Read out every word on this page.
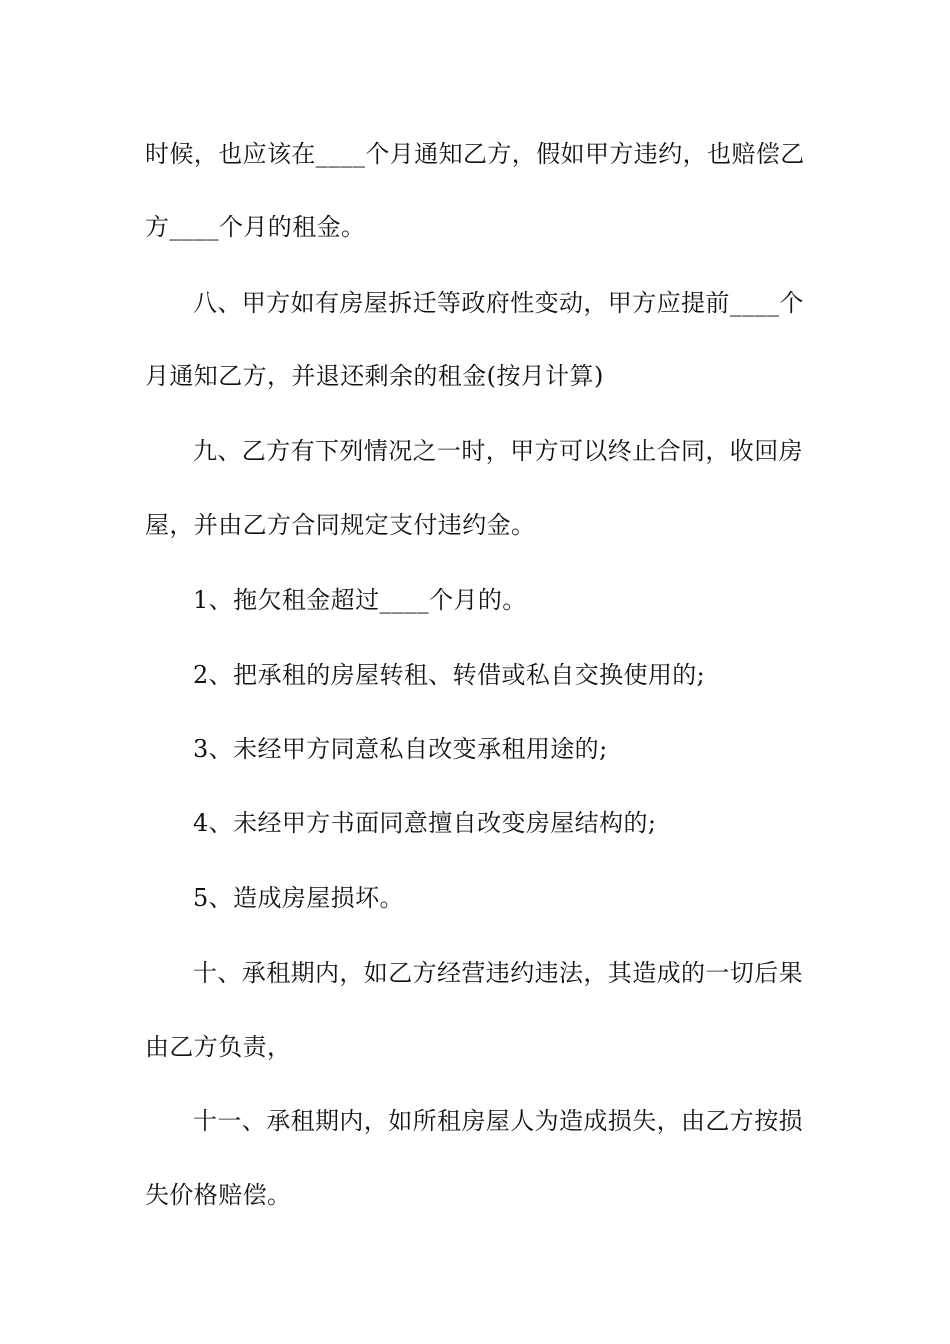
时候，也应该在____个月通知乙方，假如甲方违约，也赔偿乙
方____个月的租金。
八、甲方如有房屋拆迁等政府性变动，甲方应提前____个
月通知乙方，并退还剩余的租金(按月计算)
九、乙方有下列情况之一时，甲方可以终止合同，收回房
屋，并由乙方合同规定支付违约金。
1、拖欠租金超过____个月的。
2、把承租的房屋转租、转借或私自交换使用的;
3、未经甲方同意私自改变承租用途的;
4、未经甲方书面同意擅自改变房屋结构的;
5、造成房屋损坏。
十、承租期内，如乙方经营违约违法，其造成的一切后果
由乙方负责，
十一、承租期内，如所租房屋人为造成损失，由乙方按损
失价格赔偿。
